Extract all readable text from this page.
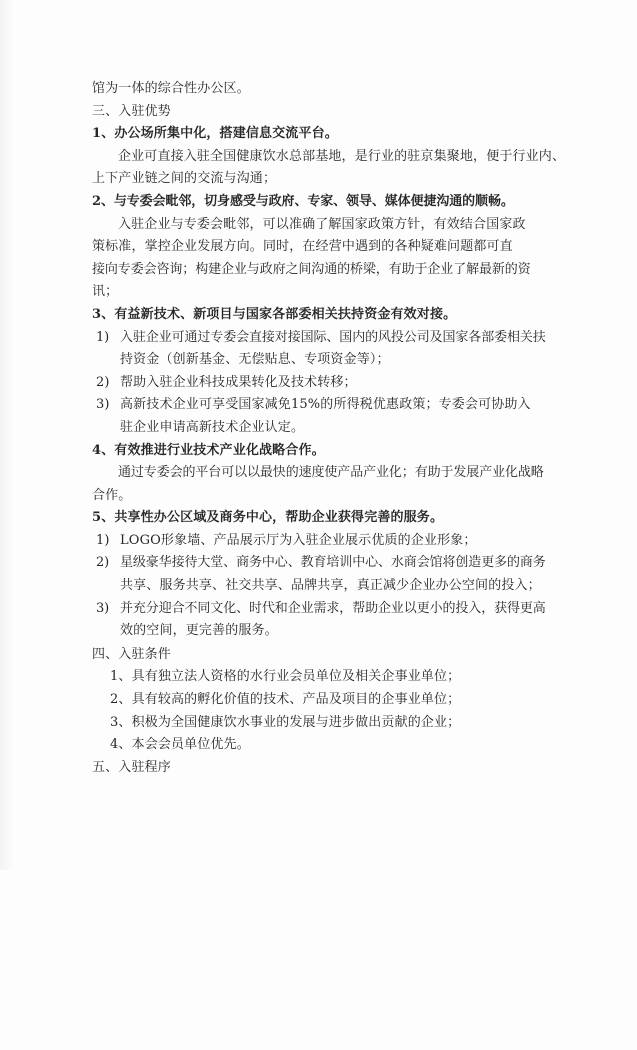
馆为一体的综合性办公区。
三、入驻优势
1、办公场所集中化，搭建信息交流平台。
企业可直接入驻全国健康饮水总部基地，是行业的驻京集聚地，便于行业内、
上下产业链之间的交流与沟通；
2、与专委会毗邻，切身感受与政府、专家、领导、媒体便捷沟通的顺畅。
入驻企业与专委会毗邻，可以准确了解国家政策方针，有效结合国家政
策标准，掌控企业发展方向。同时，在经营中遇到的各种疑难问题都可直
接向专委会咨询；构建企业与政府之间沟通的桥梁，有助于企业了解最新的资
讯；
3、有益新技术、新项目与国家各部委相关扶持资金有效对接。
1) 入驻企业可通过专委会直接对接国际、国内的风投公司及国家各部委相关扶
持资金（创新基金、无偿贴息、专项资金等）；
2) 帮助入驻企业科技成果转化及技术转移；
3) 高新技术企业可享受国家减免15%的所得税优惠政策；专委会可协助入
驻企业申请高新技术企业认定。
4、有效推进行业技术产业化战略合作。
通过专委会的平台可以以最快的速度使产品产业化；有助于发展产业化战略
合作。
5、共享性办公区域及商务中心，帮助企业获得完善的服务。
1) LOGO形象墙、产品展示厅为入驻企业展示优质的企业形象；
2) 星级豪华接待大堂、商务中心、教育培训中心、水商会馆将创造更多的商务
共享、服务共享、社交共享、品牌共享，真正减少企业办公空间的投入；
3) 并充分迎合不同文化、时代和企业需求，帮助企业以更小的投入，获得更高
效的空间，更完善的服务。
四、入驻条件
1、具有独立法人资格的水行业会员单位及相关企事业单位；
2、具有较高的孵化价值的技术、产品及项目的企事业单位；
3、积极为全国健康饮水事业的发展与进步做出贡献的企业；
4、本会会员单位优先。
五、入驻程序
